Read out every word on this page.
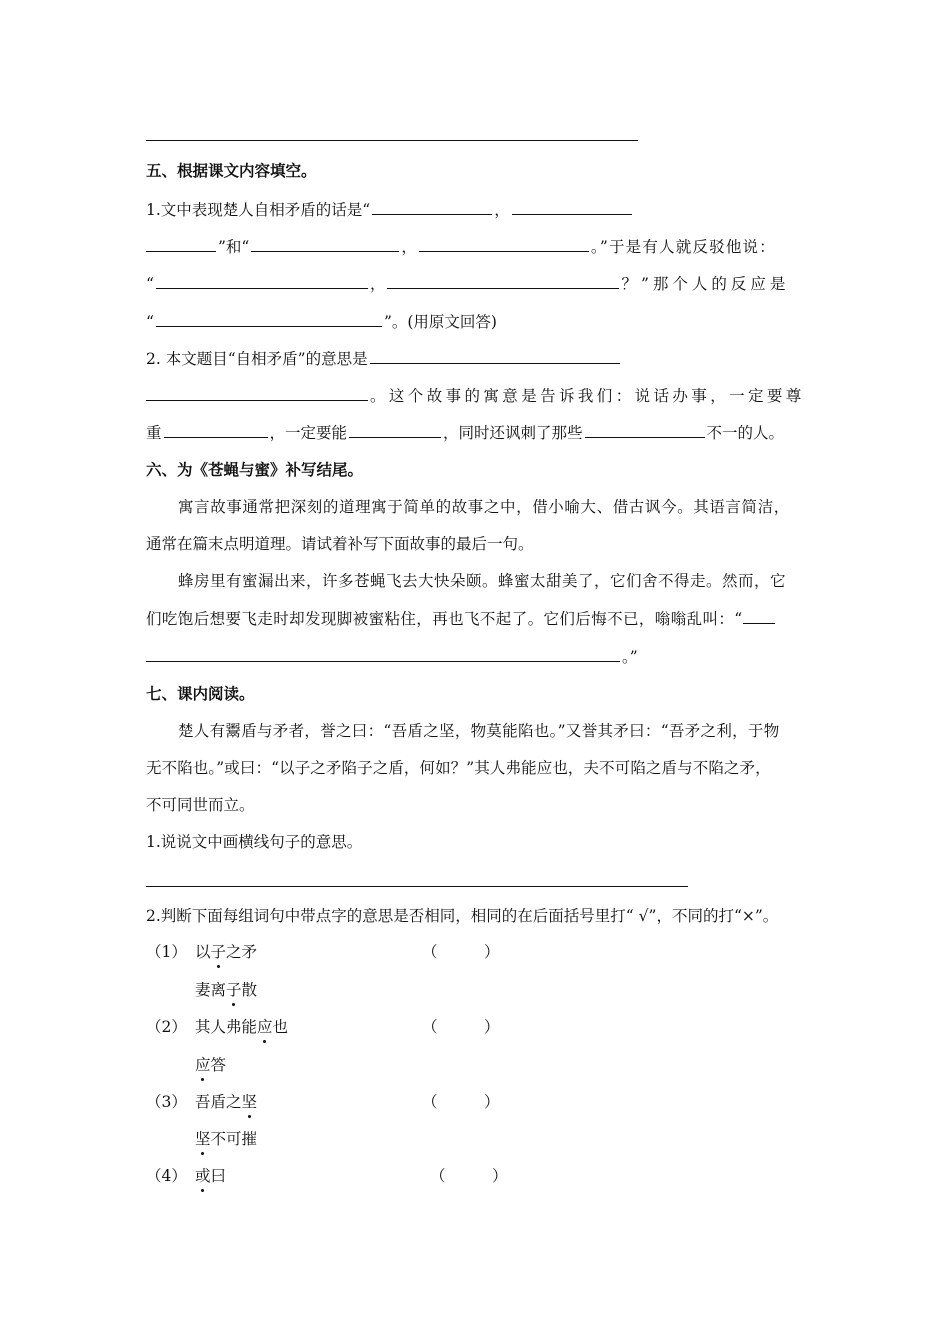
五、根据课文内容填空。
1.文中表现楚人自相矛盾的话是“	，
”和“	，	。”于是有人就反驳他说：
“	，	？”那个人的反应是
“	”。(用原文回答)
2. 本文题目“自相矛盾”的意思是
。这个故事的寓意是告诉我们：说话办事，一定要尊
重	，一定要能	，同时还讽刺了那些	不一的人。
六、为《苍蝇与蜜》补写结尾。
寓言故事通常把深刻的道理寓于简单的故事之中，借小喻大、借古讽今。其语言简洁，
通常在篇末点明道理。请试着补写下面故事的最后一句。
蜂房里有蜜漏出来，许多苍蝇飞去大快朵颐。蜂蜜太甜美了，它们舍不得走。然而，它
们吃饱后想要飞走时却发现脚被蜜粘住，再也飞不起了。它们后悔不已，嗡嗡乱叫：“
。”
七、课内阅读。
楚人有鬻盾与矛者，誉之曰：“吾盾之坚，物莫能陷也。”又誉其矛曰：“吾矛之利，于物
无不陷也。”或曰：“以子之矛陷子之盾，何如？”其人弗能应也，夫不可陷之盾与不陷之矛，
不可同世而立。
1.说说文中画横线句子的意思。
2.判断下面每组词句中带点字的意思是否相同，相同的在后面括号里打“ √”，不同的打“×”。
（1） 以子之矛	（　　　）
妻离子散
（2） 其人弗能应也	（　　　）
应答
（3） 吾盾之坚	（　　　）
坚不可摧
（4） 或曰	（　　　）
